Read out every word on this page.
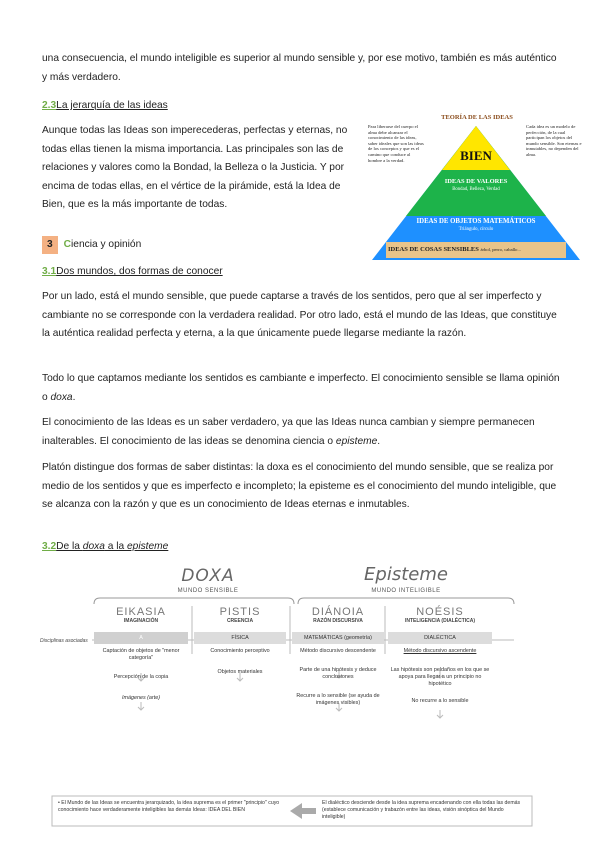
una consecuencia, el mundo inteligible es superior al mundo sensible y, por ese motivo, también es más auténtico y más verdadero.

2.3La jerarquía de las ideas

Aunque todas las Ideas son imperecederas, perfectas y eternas, no todas ellas tienen la misma importancia. Las principales son las de relaciones y valores como la Bondad, la Belleza o la Justicia. Y por encima de todas ellas, en el vértice de la pirámide, está la Idea de Bien, que es la más importante de todas.

TEORÍA DE LAS IDEAS
BIEN
IDEAS DE VALORES
Bondad, Belleza, Verdad
IDEAS DE OBJETOS MATEMÁTICOS
Triángulo, círculo
IDEAS DE COSAS SENSIBLES árbol, perro, caballo...
Para liberarse del cuerpo el alma debe alcanzar el conocimiento de las ideas, saber ideales que son las ideas de los conceptos y que es el camino que conduce al hombre a la verdad.
Cada idea es un modelo de perfección, de la cual participan los objetos del mundo sensible. Son eternas e inmutables, no dependen del alma.
3	C iencia y opinión
3.1Dos mundos, dos formas de conocer

Por un lado, está el mundo sensible, que puede captarse a través de los sentidos, pero que al ser imperfecto y cambiante no se corresponde con la verdadera realidad. Por otro lado, está el mundo de las Ideas, que constituye la auténtica realidad perfecta y eterna, a la que únicamente puede llegarse mediante la razón.

Todo lo que captamos mediante los sentidos es cambiante e imperfecto. El conocimiento sensible se llama opinión o doxa.

El conocimiento de las Ideas es un saber verdadero, ya que las Ideas nunca cambian y siempre permanecen inalterables. El conocimiento de las ideas se denomina ciencia o episteme.

Platón distingue dos formas de saber distintas: la doxa es el conocimiento del mundo sensible, que se realiza por medio de los sentidos y que es imperfecto e incompleto; la episteme es el conocimiento del mundo inteligible, que se alcanza con la razón y que es un conocimiento de Ideas eternas e inmutables.

3.2De la doxa a la episteme
DOXA
MUNDO SENSIBLE
Episteme
MUNDO INTELIGIBLE
Disciplinas asociadas
EIKASIA
IMAGINACIÓN
A
Captación de objetos de "menor categoría"
Percepción de la copia
Imágenes (arte)
PISTIS
CREENCIA
FÍSICA
Conocimiento perceptivo
Objetos materiales
DIÁNOIA
RAZÓN DISCURSIVA
MATEMÁTICAS (geometría)
Método discursivo descendente
Parte de una hipótesis y deduce conclusiones
Recurre a lo sensible (se ayuda de imágenes visibles)
NOÉSIS
INTELIGENCIA (DIALÉCTICA)
DIALÉCTICA
Método discursivo ascendente
Las hipótesis son peldaños en los que se apoya para llegar a un principio no hipotético
No recurre a lo sensible
• El Mundo de las Ideas se encuentra jerarquizado, la idea suprema es el primer "principio" cuyo conocimiento hace verdaderamente inteligibles las demás Ideas: IDEA DEL BIEN
El dialéctico desciende desde la idea suprema encadenando con ella todas las demás (establece comunicación y trabazón entre las ideas, visión sinóptica del Mundo inteligible)
